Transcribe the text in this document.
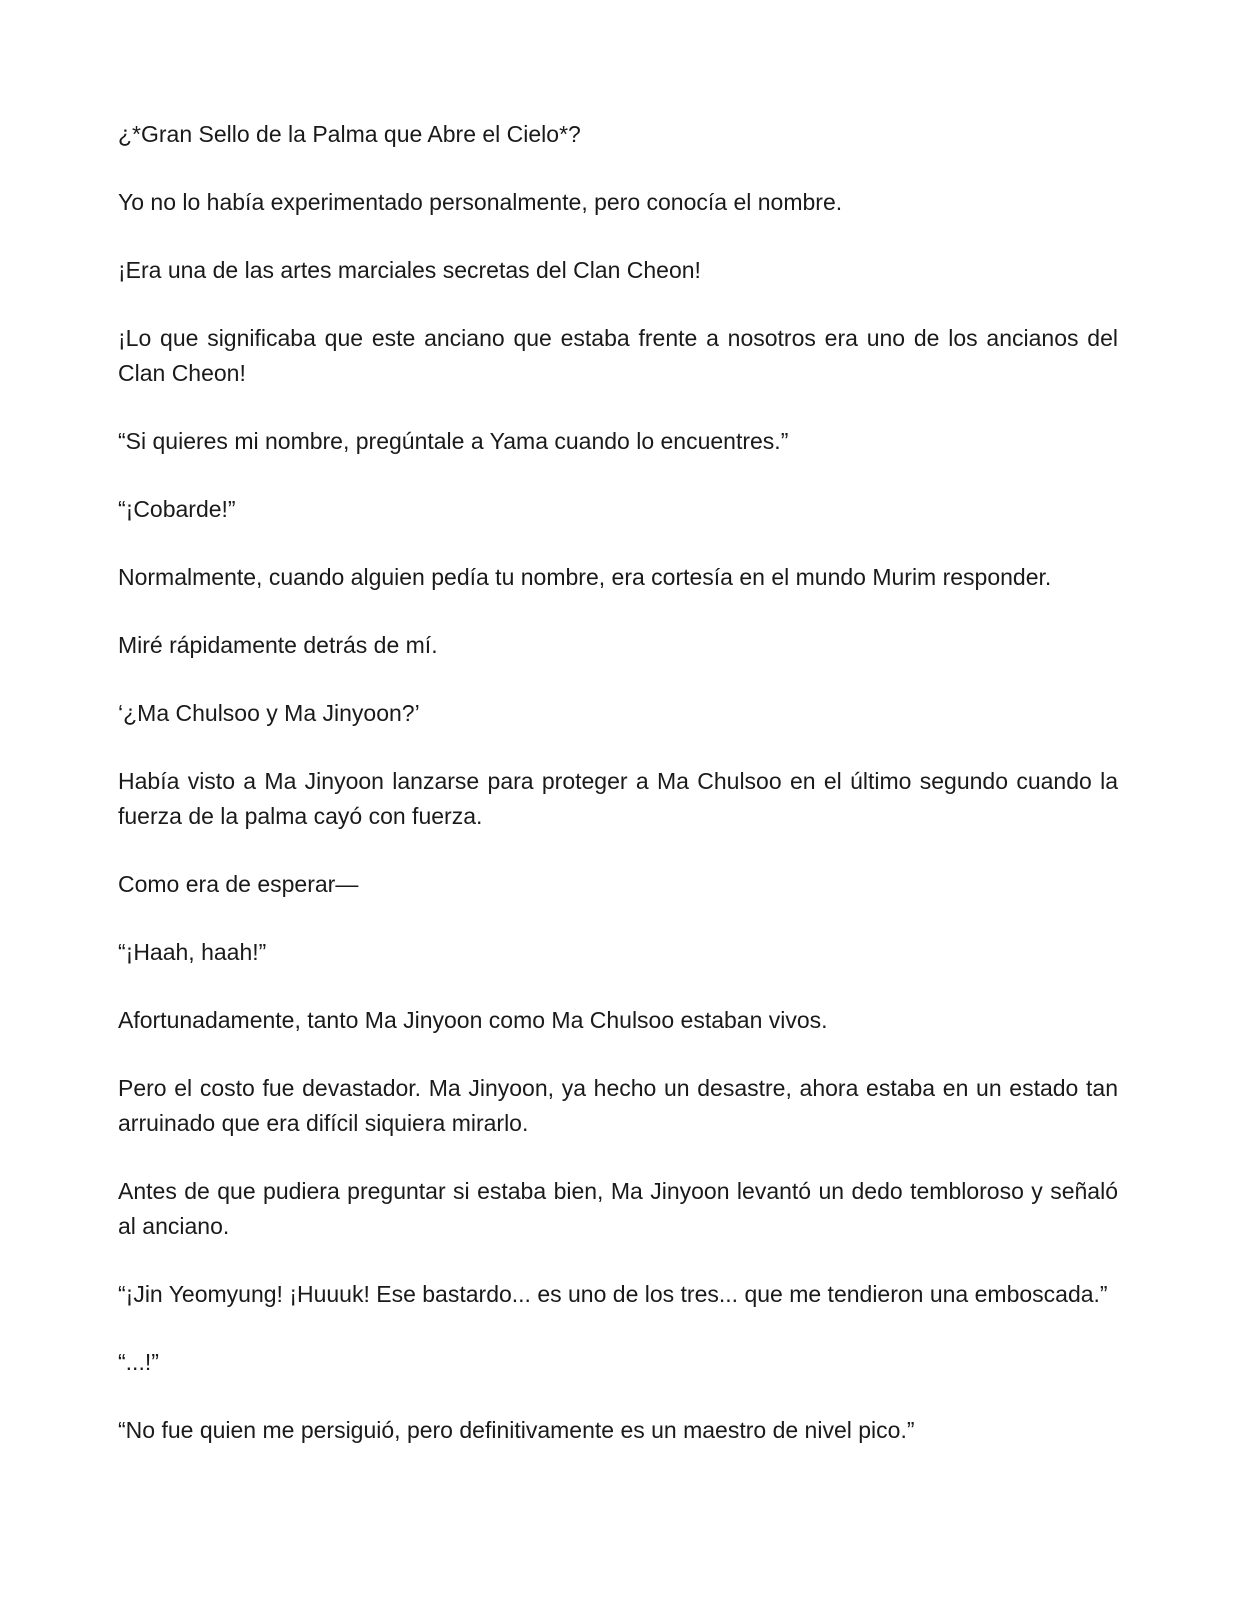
¿*Gran Sello de la Palma que Abre el Cielo*?

Yo no lo había experimentado personalmente, pero conocía el nombre.

¡Era una de las artes marciales secretas del Clan Cheon!

¡Lo que significaba que este anciano que estaba frente a nosotros era uno de los ancianos del Clan Cheon!

“Si quieres mi nombre, pregúntale a Yama cuando lo encuentres.”

“¡Cobarde!”

Normalmente, cuando alguien pedía tu nombre, era cortesía en el mundo Murim responder.

Miré rápidamente detrás de mí.

‘¿Ma Chulsoo y Ma Jinyoon?’

Había visto a Ma Jinyoon lanzarse para proteger a Ma Chulsoo en el último segundo cuando la fuerza de la palma cayó con fuerza.

Como era de esperar—

“¡Haah, haah!”

Afortunadamente, tanto Ma Jinyoon como Ma Chulsoo estaban vivos.

Pero el costo fue devastador. Ma Jinyoon, ya hecho un desastre, ahora estaba en un estado tan arruinado que era difícil siquiera mirarlo.

Antes de que pudiera preguntar si estaba bien, Ma Jinyoon levantó un dedo tembloroso y señaló al anciano.

“¡Jin Yeomyung! ¡Huuuk! Ese bastardo... es uno de los tres... que me tendieron una emboscada.”

“...!”

“No fue quien me persiguió, pero definitivamente es un maestro de nivel pico.”
